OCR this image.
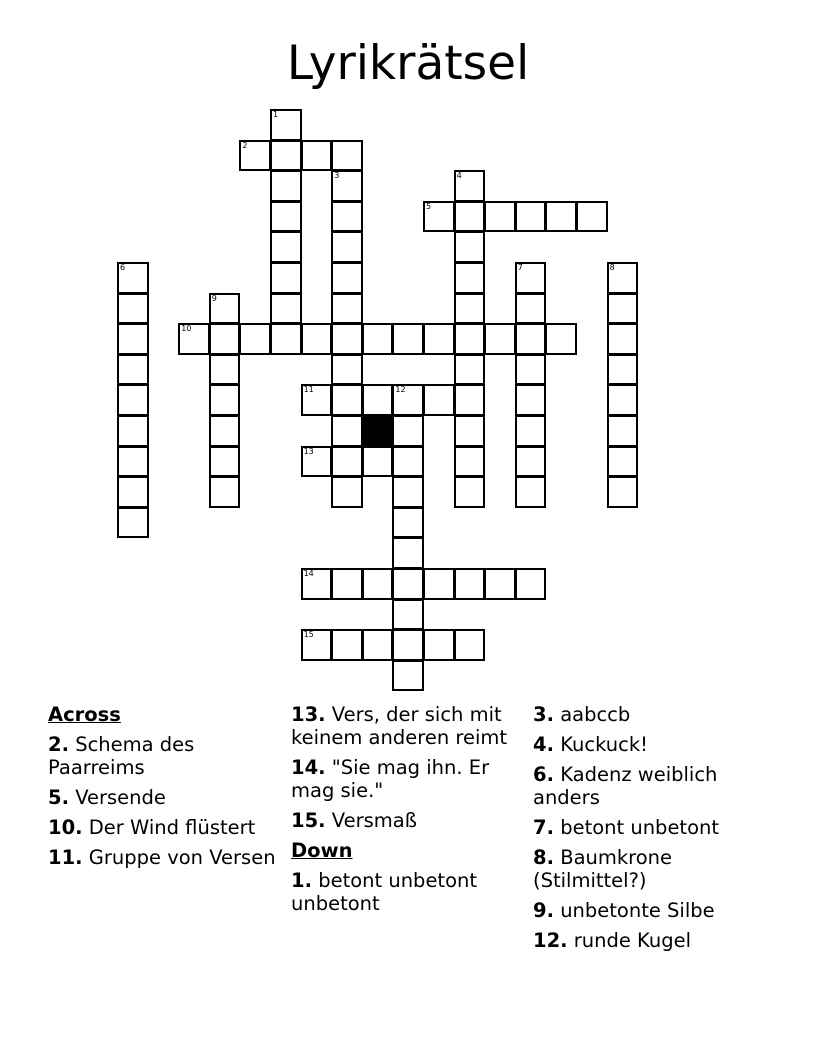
Lyrikrätsel
1
2
3	4
5
6	7	8
9
10
11	12
13
14
15
Across
2. Schema des Paarreims
5. Versende
10. Der Wind flüstert
11. Gruppe von Versen
13. Vers, der sich mit keinem anderen reimt
14. "Sie mag ihn. Er mag sie."
15. Versmaß
Down
1. betont unbetont unbetont
3. aabccb
4. Kuckuck!
6. Kadenz weiblich anders
7. betont unbetont
8. Baumkrone (Stilmittel?)
9. unbetonte Silbe
12. runde Kugel
